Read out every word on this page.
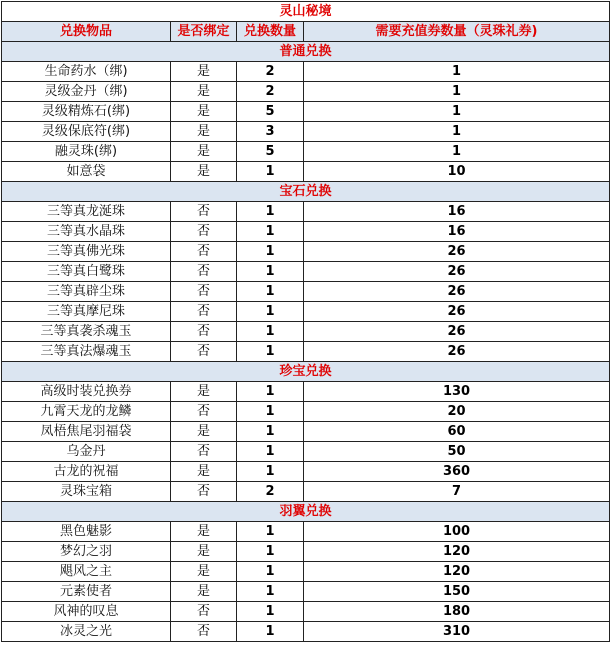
灵山秘境			
兑换物品	是否绑定	兑换数量	需要充值券数量（灵珠礼券)
普通兑换			
生命药水（绑)	是	2	1
灵级金丹（绑)	是	2	1
灵级精炼石(绑)	是	5	1
灵级保底符(绑)	是	3	1
融灵珠(绑)	是	5	1
如意袋	是	1	10
宝石兑换			
三等真龙涎珠	否	1	16
三等真水晶珠	否	1	16
三等真佛光珠	否	1	26
三等真白鹭珠	否	1	26
三等真辟尘珠	否	1	26
三等真摩尼珠	否	1	26
三等真袭杀魂玉	否	1	26
三等真法爆魂玉	否	1	26
珍宝兑换			
高级时装兑换券	是	1	130
九霄天龙的龙鳞	否	1	20
凤梧焦尾羽福袋	是	1	60
乌金丹	否	1	50
古龙的祝福	是	1	360
灵珠宝箱	否	2	7
羽翼兑换			
黑色魅影	是	1	100
梦幻之羽	是	1	120
飓风之主	是	1	120
元素使者	是	1	150
风神的叹息	否	1	180
冰灵之光	否	1	310
